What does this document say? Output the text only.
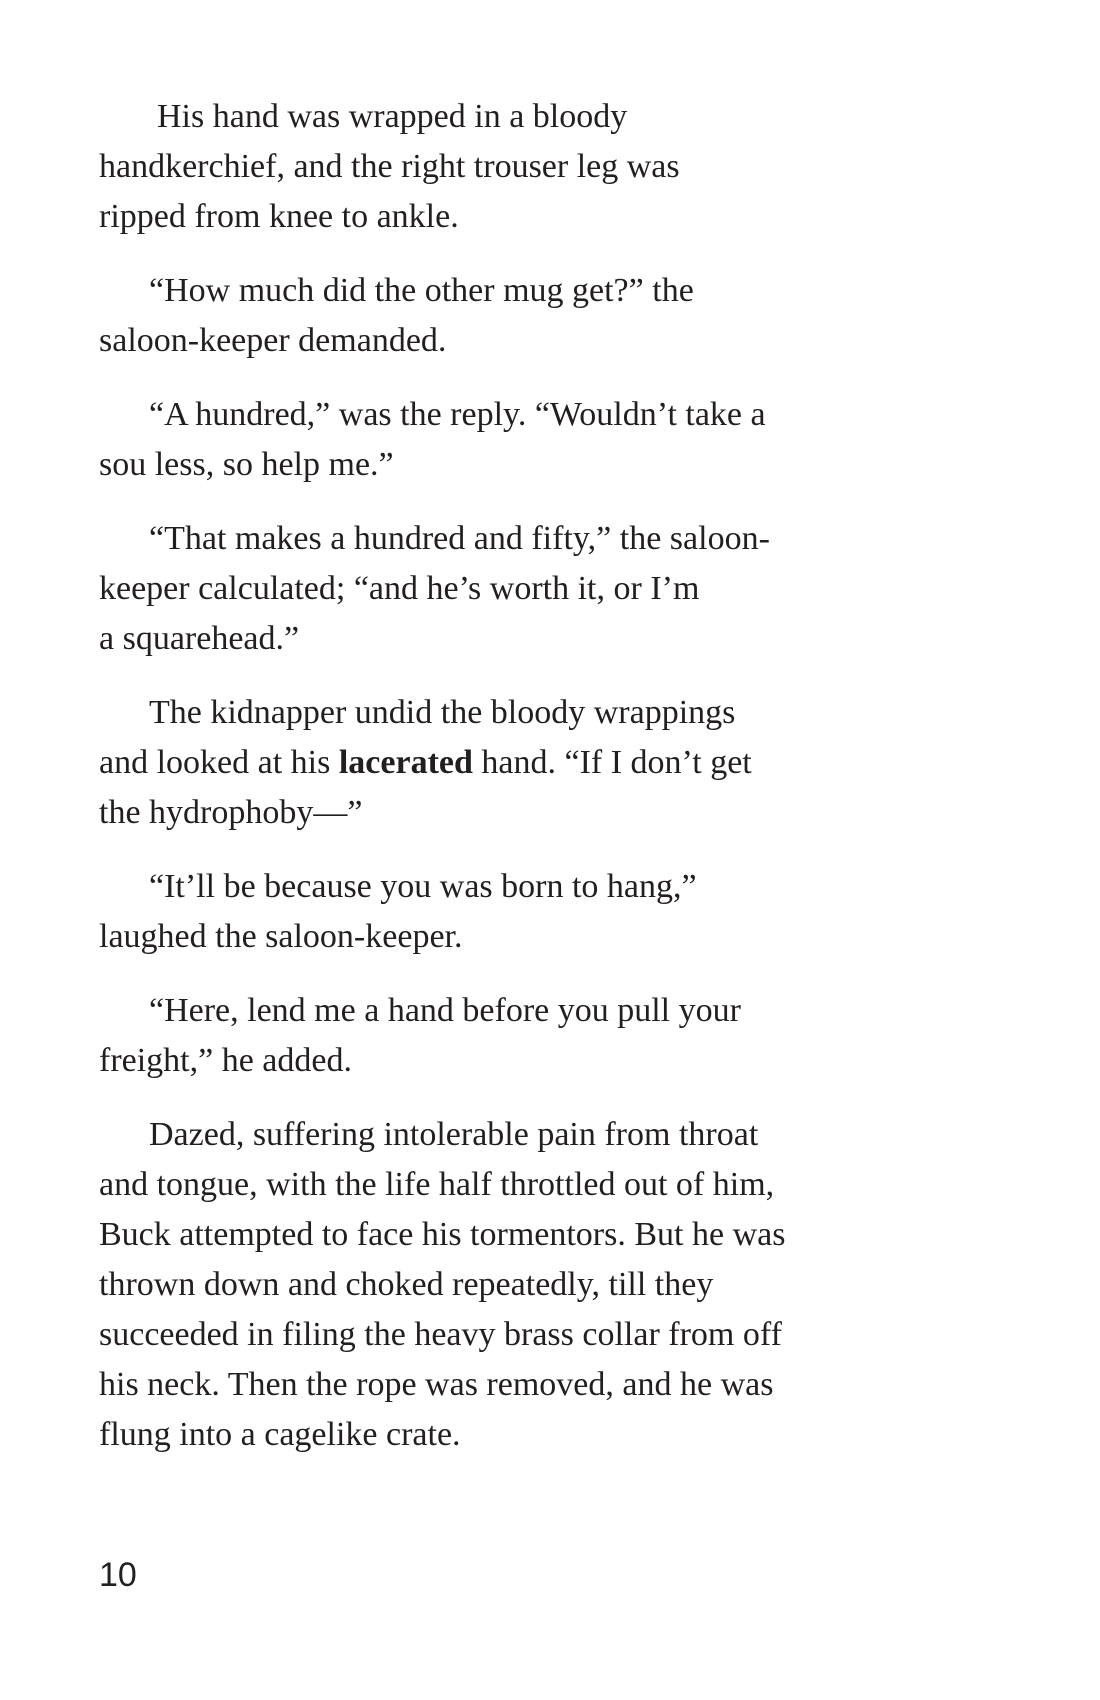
His hand was wrapped in a bloody
handkerchief, and the right trouser leg was
ripped from knee to ankle.

“How much did the other mug get?” the
saloon-keeper demanded.

“A hundred,” was the reply. “Wouldn’t take a
sou less, so help me.”

“That makes a hundred and fifty,” the saloon-
keeper calculated; “and he’s worth it, or I’m
a squarehead.”

The kidnapper undid the bloody wrappings
and looked at his lacerated hand. “If I don’t get
the hydrophoby—”

“It’ll be because you was born to hang,”
laughed the saloon-keeper.

“Here, lend me a hand before you pull your
freight,” he added.

Dazed, suffering intolerable pain from throat
and tongue, with the life half throttled out of him,
Buck attempted to face his tormentors. But he was
thrown down and choked repeatedly, till they
succeeded in filing the heavy brass collar from off
his neck. Then the rope was removed, and he was
flung into a cagelike crate.

10
